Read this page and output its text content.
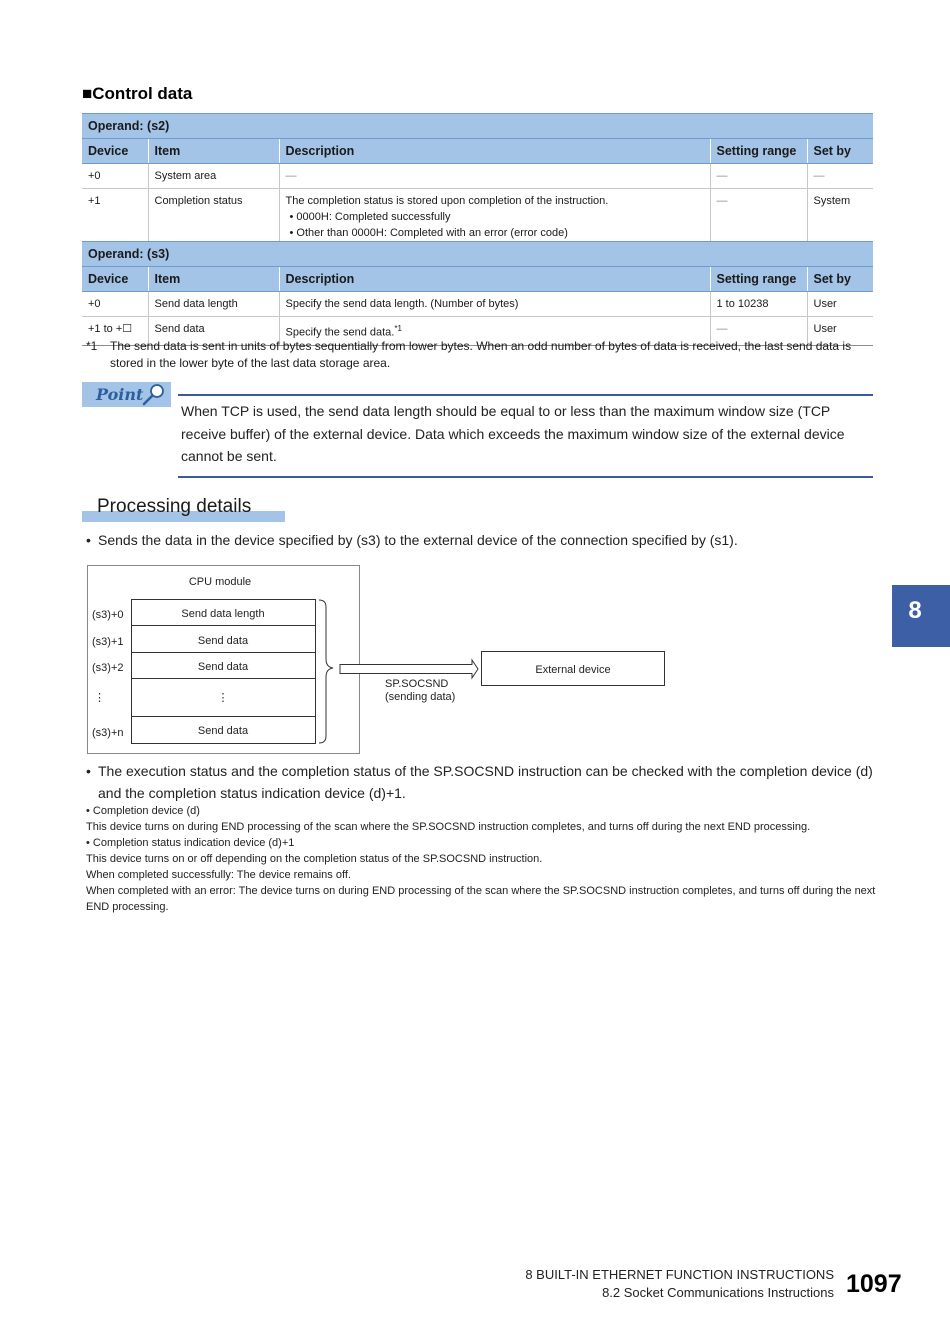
■Control data
Operand: (s2)				
Device	Item	Description	Setting range	Set by
+0	System area	—	—	—
+1	Completion status	The completion status is stored upon completion of the instruction.
• 0000H: Completed successfully
• Other than 0000H: Completed with an error (error code)	—	System
Operand: (s3)				
Device	Item	Description	Setting range	Set by
+0	Send data length	Specify the send data length. (Number of bytes)	1 to 10238	User
+1 to +☐	Send data	Specify the send data.$^{*1}$	—	User
*1	The send data is sent in units of bytes sequentially from lower bytes. When an odd number of bytes of data is received, the last send data is stored in the lower byte of the last data storage area.
Point
When TCP is used, the send data length should be equal to or less than the maximum window size (TCP receive buffer) of the external device. Data which exceeds the maximum window size of the external device cannot be sent.
Processing details
• Sends the data in the device specified by (s3) to the external device of the connection specified by (s1).
CPU module
Send data length
Send data
Send data
⋮
Send data
(s3)+0
(s3)+1
(s3)+2
⋮
(s3)+n
SP.SOCSND
(sending data)
External device
• The execution status and the completion status of the SP.SOCSND instruction can be checked with the completion device (d) and the completion status indication device (d)+1.
• Completion device (d)
This device turns on during END processing of the scan where the SP.SOCSND instruction completes, and turns off during the next END processing.
• Completion status indication device (d)+1
This device turns on or off depending on the completion status of the SP.SOCSND instruction.
When completed successfully: The device remains off.
When completed with an error: The device turns on during END processing of the scan where the SP.SOCSND instruction completes, and turns off during the next END processing.
8
8 BUILT-IN ETHERNET FUNCTION INSTRUCTIONS
8.2 Socket Communications Instructions 1097
